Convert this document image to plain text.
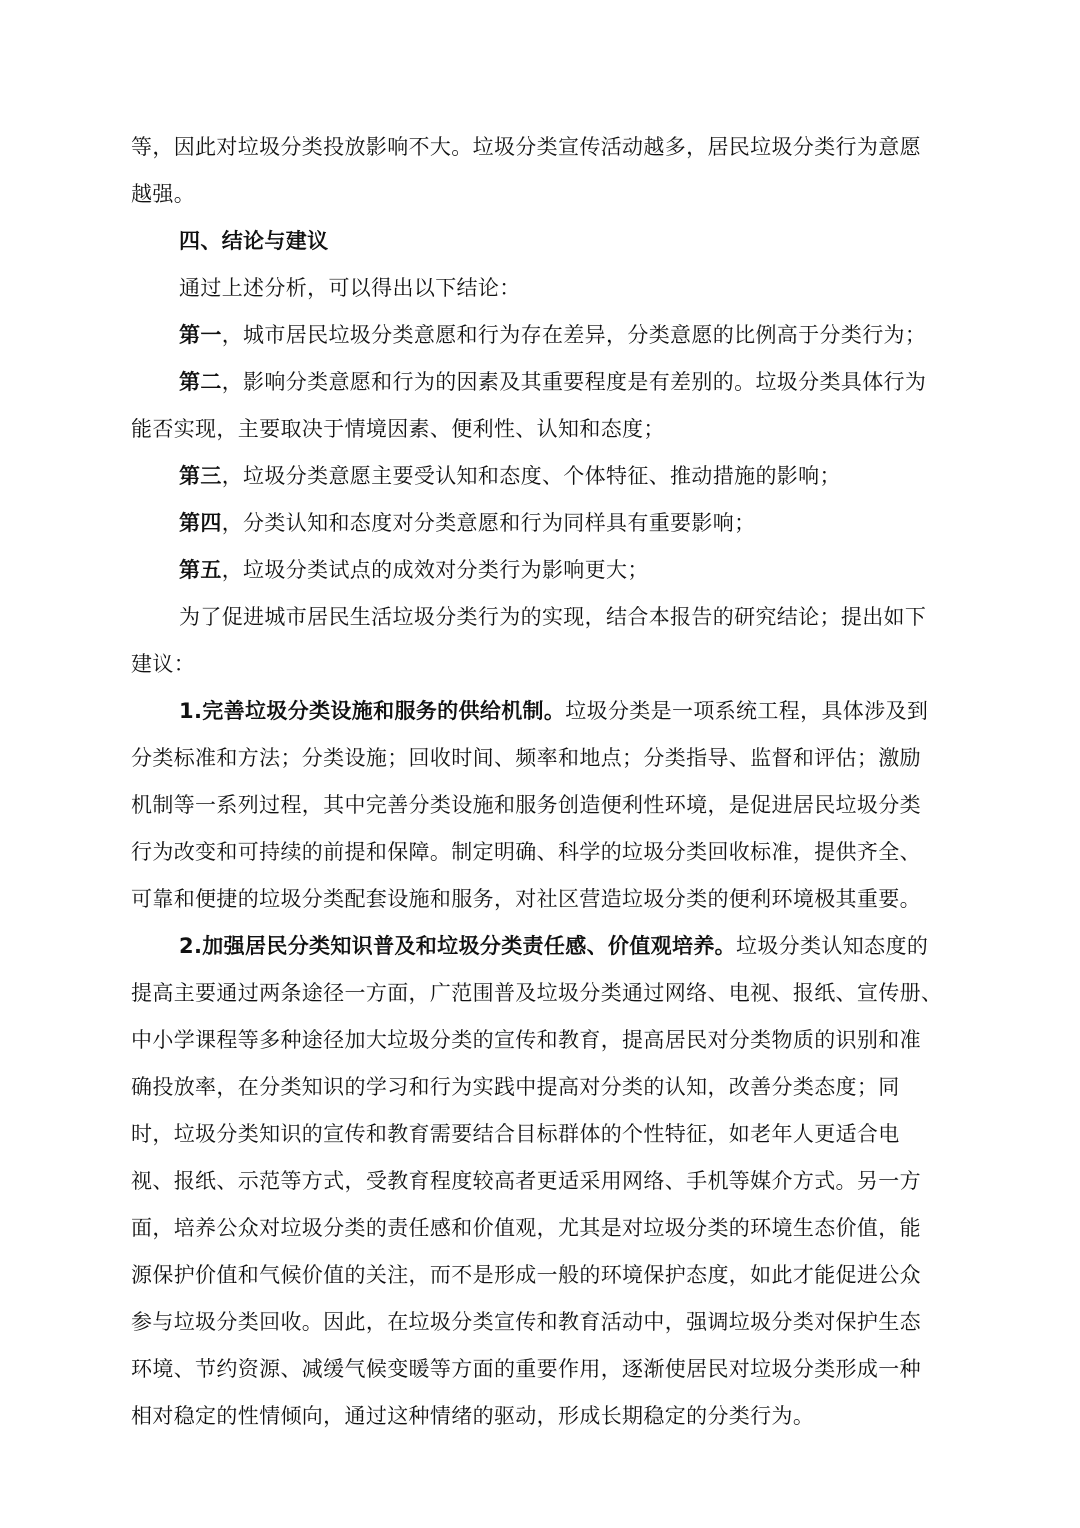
等，因此对垃圾分类投放影响不大。垃圾分类宣传活动越多，居民垃圾分类行为意愿
越强。

四、结论与建议

通过上述分析，可以得出以下结论：

第一，城市居民垃圾分类意愿和行为存在差异，分类意愿的比例高于分类行为；

第二，影响分类意愿和行为的因素及其重要程度是有差别的。垃圾分类具体行为
能否实现，主要取决于情境因素、便利性、认知和态度；

第三，垃圾分类意愿主要受认知和态度、个体特征、推动措施的影响；

第四，分类认知和态度对分类意愿和行为同样具有重要影响；

第五，垃圾分类试点的成效对分类行为影响更大；

为了促进城市居民生活垃圾分类行为的实现，结合本报告的研究结论；提出如下
建议：

1.完善垃圾分类设施和服务的供给机制。垃圾分类是一项系统工程，具体涉及到
分类标准和方法；分类设施；回收时间、频率和地点；分类指导、监督和评估；激励
机制等一系列过程，其中完善分类设施和服务创造便利性环境，是促进居民垃圾分类
行为改变和可持续的前提和保障。制定明确、科学的垃圾分类回收标准，提供齐全、
可靠和便捷的垃圾分类配套设施和服务，对社区营造垃圾分类的便利环境极其重要。

2.加强居民分类知识普及和垃圾分类责任感、价值观培养。垃圾分类认知态度的
提高主要通过两条途径一方面，广范围普及垃圾分类通过网络、电视、报纸、宣传册、
中小学课程等多种途径加大垃圾分类的宣传和教育，提高居民对分类物质的识别和准
确投放率，在分类知识的学习和行为实践中提高对分类的认知，改善分类态度；同
时，垃圾分类知识的宣传和教育需要结合目标群体的个性特征，如老年人更适合电
视、报纸、示范等方式，受教育程度较高者更适采用网络、手机等媒介方式。另一方
面，培养公众对垃圾分类的责任感和价值观，尤其是对垃圾分类的环境生态价值，能
源保护价值和气候价值的关注，而不是形成一般的环境保护态度，如此才能促进公众
参与垃圾分类回收。因此，在垃圾分类宣传和教育活动中，强调垃圾分类对保护生态
环境、节约资源、减缓气候变暖等方面的重要作用，逐渐使居民对垃圾分类形成一种
相对稳定的性情倾向，通过这种情绪的驱动，形成长期稳定的分类行为。
